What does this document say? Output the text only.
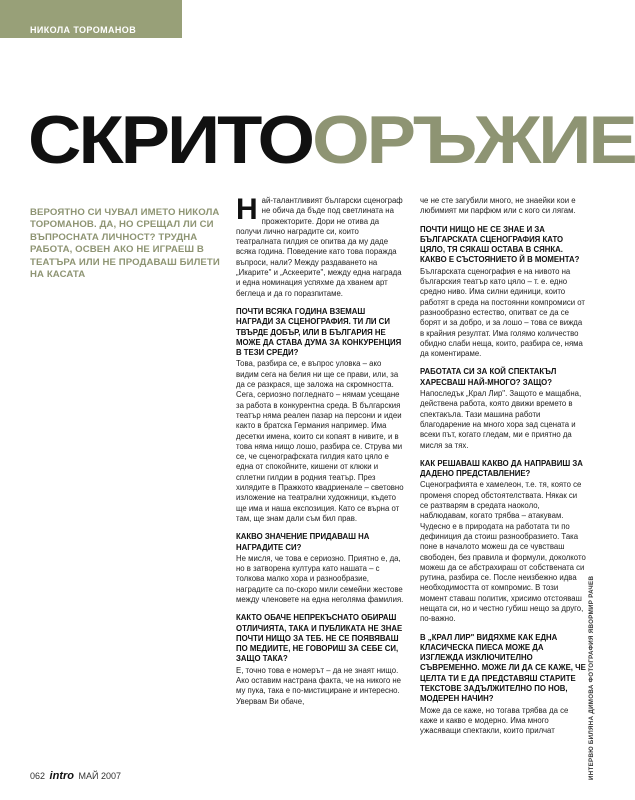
НИКОЛА ТОРОМАНОВ
СКРИТООРЪЖИЕ
ВЕРОЯТНО СИ ЧУВАЛ ИМЕТО НИКОЛА ТОРОМАНОВ. ДА, НО СРЕЩАЛ ЛИ СИ ВЪПРОСНАТА ЛИЧНОСТ? ТРУДНА РАБОТА, ОСВЕН АКО НЕ ИГРАЕШ В ТЕАТЪРА ИЛИ НЕ ПРОДАВАШ БИЛЕТИ НА КАСАТА

Най-талантливият български сценограф не обича да бъде под светлината на прожекторите. Дори не отива да получи лично наградите си, които театралната гилдия се опитва да му даде всяка година. Поведение като това поражда въпроси, нали? Между раздаването на „Икарите" и „Аскеерите", между една награда и една номинация успяхме да хванем арт беглеца и да го поразпитаме.

ПОЧТИ ВСЯКА ГОДИНА ВЗЕМАШ НАГРАДИ ЗА СЦЕНОГРАФИЯ. ТИ ЛИ СИ ТВЪРДЕ ДОБЪР, ИЛИ В БЪЛГАРИЯ НЕ МОЖЕ ДА СТАВА ДУМА ЗА КОНКУРЕНЦИЯ В ТЕЗИ СРЕДИ?

Това, разбира се, е въпрос уловка – ако видим сега на белия ни ще се прави, или, за да се разкрася, ще заложа на скромността. Сега, сериозно погледнато – нямам усещане за работа в конкурентна среда. В българския театър няма реален пазар на персони и идеи както в братска Германия например. Има десетки имена, които си копаят в нивите, и в това няма нищо лошо, разбира се. Струва ми се, че сценографската гилдия като цяло е една от спокойните, кишени от клюки и сплетни гилдии в родния театър. През хилядите в Пражкото квадриенале – световно изложение на театрални художници, където ще има и наша експозиция. Като се върна от там, ще знам дали съм бил прав.

КАКВО ЗНАЧЕНИЕ ПРИДАВАШ НА НАГРАДИТЕ СИ?

Не мисля, че това е сериозно. Приятно е, да, но в затворена култура като нашата – с толкова малко хора и разнообразие, наградите са по-скоро мили семейни жестове между членовете на една неголяма фамилия.

КАКТО ОБАЧЕ НЕПРЕКЪСНАТО ОБИРАШ ОТЛИЧИЯТА, ТАКА И ПУБЛИКАТА НЕ ЗНАЕ ПОЧТИ НИЩО ЗА ТЕБ. НЕ СЕ ПОЯВЯВАШ ПО МЕДИИТЕ, НЕ ГОВОРИШ ЗА СЕБЕ СИ, ЗАЩО ТАКА?

Е, точно това е номерът – да не знаят нищо. Ако оставим настрана факта, че на никого не му пука, така е по-мистициране и интересно. Увервам Ви обаче,

че не сте загубили много, не знаейки кои е любимият ми парфюм или с кого си лягам.

ПОЧТИ НИЩО НЕ СЕ ЗНАЕ И ЗА БЪЛГАРСКАТА СЦЕНОГРАФИЯ КАТО ЦЯЛО, ТЯ СЯКАШ ОСТАВА В СЯНКА. КАКВО Е СЪСТОЯНИЕТО Й В МОМЕНТА?

Българската сценография е на нивото на българския театър като цяло – т. е. едно средно ниво. Има силни единици, които работят в среда на постоянни компромиси от разнообразно естество, опитват се да се борят и за добро, и за лошо – това се вижда в крайния резултат. Има голямо количество обидно слаби неща, които, разбира се, няма да коментираме.

РАБОТАТА СИ ЗА КОЙ СПЕКТАКЪЛ ХАРЕСВАШ НАЙ-МНОГО? ЗАЩО?

Напоследък „Крал Лир". Защото е мащабна, действена работа, която движи времето в спектакъла. Тази машина работи благодарение на много хора зад сцената и всеки път, когато гледам, ми е приятно да мисля за тях.

КАК РЕШАВАШ КАКВО ДА НАПРАВИШ ЗА ДАДЕНО ПРЕДСТАВЛЕНИЕ?

Сценографията е хамелеон, т.е. тя, която се променя според обстоятелствата. Някак си се разтварям в средата наоколо, наблюдавам, когато трябва – атакувам. Чудесно е в природата на работата ти по дефиниция да стоиш разнообразието. Така поне в началото можеш да се чувстваш свободен, без правила и формули, доколкото можеш да се абстрахираш от собствената си рутина, разбира се. После неизбежно идва необходимостта от компромис. В този момент ставаш политик, хрисимо отстояваш нещата си, но и честно губиш нещо за друго, по-важно.

В „КРАЛ ЛИР" ВИДЯХМЕ КАК ЕДНА КЛАСИЧЕСКА ПИЕСА МОЖЕ ДА ИЗГЛЕЖДА ИЗКЛЮЧИТЕЛНО СЪВРЕМЕННО. МОЖЕ ЛИ ДА СЕ КАЖЕ, ЧЕ ЦЕЛТА ТИ Е ДА ПРЕДСТАВЯШ СТАРИТЕ ТЕКСТОВЕ ЗАДЪЛЖИТЕЛНО ПО НОВ, МОДЕРЕН НАЧИН?

Може да се каже, но тогава трябва да се каже и какво е модерно. Има много ужасяващи спектакли, които прилчат	ИНТЕРВЮ БИЛЯНА ДИМОВА ФОТОГРАФИЯ ЯВОРМИР РАЧЕВ
062 intro МАЙ 2007
